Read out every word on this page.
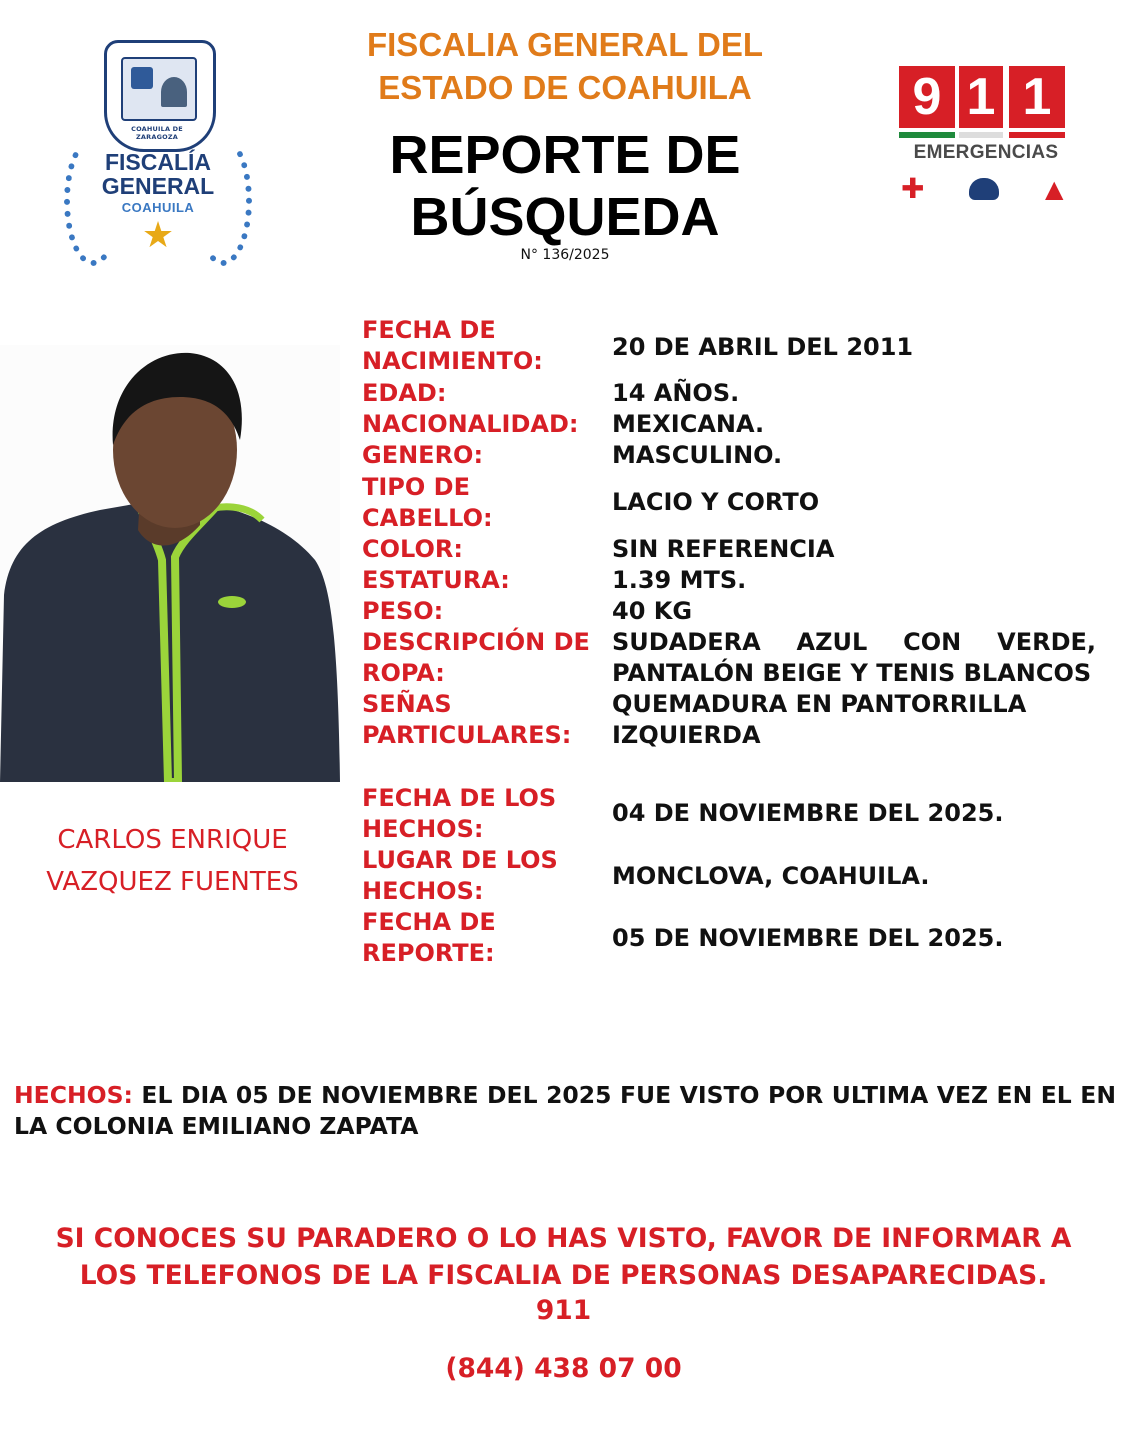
COAHUILA DE ZARAGOZA
FISCALÍA
GENERAL
COAHUILA
★
FISCALIA GENERAL DEL
ESTADO DE COAHUILA
REPORTE DE
BÚSQUEDA
N° 136/2025
9 1 1
EMERGENCIAS
✚	▲
CARLOS ENRIQUE
VAZQUEZ FUENTES
FECHA DE
NACIMIENTO:	20 DE ABRIL DEL 2011
EDAD:	14 AÑOS.
NACIONALIDAD: MEXICANA.
GENERO:	MASCULINO.
TIPO DE
CABELLO:
LACIO Y CORTO
COLOR:	SIN REFERENCIA
ESTATURA:	1.39 MTS.
PESO:	40 KG
DESCRIPCIÓN DE
ROPA:
SUDADERA AZUL CON VERDE,
PANTALÓN BEIGE Y TENIS BLANCOS
SEÑAS
PARTICULARES:
QUEMADURA EN PANTORRILLA
IZQUIERDA
FECHA DE LOS
HECHOS:
04 DE NOVIEMBRE DEL 2025.
LUGAR DE LOS
HECHOS:
MONCLOVA, COAHUILA.
FECHA DE
REPORTE:
05 DE NOVIEMBRE DEL 2025.
HECHOS: EL DIA 05 DE NOVIEMBRE DEL 2025 FUE VISTO POR ULTIMA VEZ EN EL EN LA COLONIA EMILIANO ZAPATA
SI CONOCES SU PARADERO O LO HAS VISTO, FAVOR DE INFORMAR A
LOS TELEFONOS DE LA FISCALIA DE PERSONAS DESAPARECIDAS.
911
(844) 438 07 00
